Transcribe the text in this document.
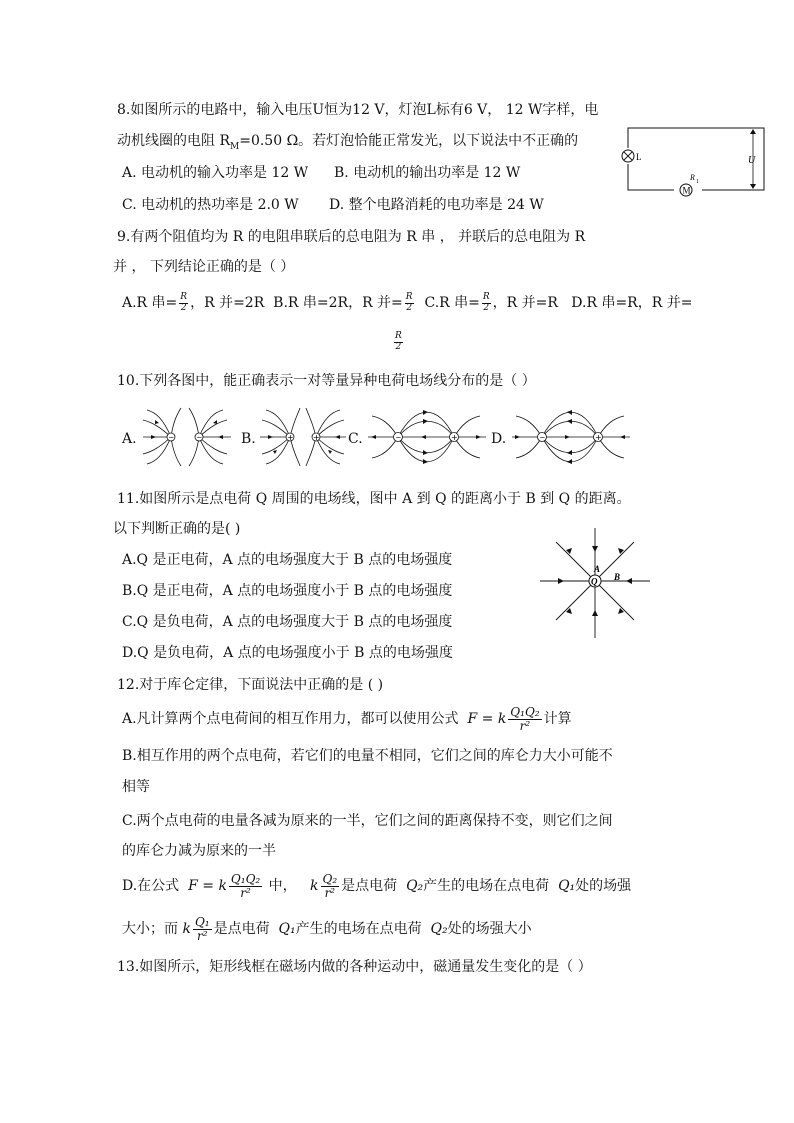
8.如图所示的电路中，输入电压U恒为12 V，灯泡L标有6 V， 12 W字样，电
动机线圈的电阻 $R_M=0.50$ Ω。若灯泡恰能正常发光，以下说法中不正确的
A. 电动机的输入功率是 12 W B. 电动机的输出功率是 12 W
C. 电动机的热功率是 2.0 W D. 整个电路消耗的电功率是 24 W
L
M
R 1
U
9.有两个阻值均为 R 的电阻串联后的总电阻为 R 串 ， 并联后的总电阻为 R
并 ， 下列结论正确的是（ ）
A.R 串= $\frac{R}{2}$ ，R 并=2R B.R 串=2R，R 并= $\frac{R}{2} C.R$ 串= $\frac{R}{2}$ ，R 并=R D.R 串=R，R 并=
$\frac{R}{2}$
10.下列各图中，能正确表示一对等量异种电荷电场线分布的是（ ）
A.	B.	C.	D.
−	−	+ +	−	+	−	+
11.如图所示是点电荷 Q 周围的电场线，图中 A 到 Q 的距离小于 B 到 Q 的距离。
以下判断正确的是( )
A.Q 是正电荷，A 点的电场强度大于 B 点的电场强度
B.Q 是正电荷，A 点的电场强度小于 B 点的电场强度
C.Q 是负电荷，A 点的电场强度大于 B 点的电场强度
D.Q 是负电荷，A 点的电场强度小于 B 点的电场强度
Q
A
B
12.对于库仑定律，下面说法中正确的是 ( )
A.凡计算两个点电荷间的相互作用力，都可以使用公式 F = k $\frac{\text{Q₁Q₂}}{\text{r²}}$ 计算
B.相互作用的两个点电荷，若它们的电量不相同，它们之间的库仑力大小可能不
相等
C.两个点电荷的电量各减为原来的一半，它们之间的距离保持不变，则它们之间
的库仑力减为原来的一半
D.在公式 F = k $\frac{\text{Q₁Q₂}}{\text{r²}}$ 中， k $\frac{\text{Q₂}}{\text{r²}}$ 是点电荷 Q₂产生的电场在点电荷 Q₁处的场强
大小；而 k $\frac{\text{Q₁}}{\text{r²}}$ 是点电荷 Q₁产生的电场在点电荷 Q₂处的场强大小
13.如图所示，矩形线框在磁场内做的各种运动中，磁通量发生变化的是（ ）
